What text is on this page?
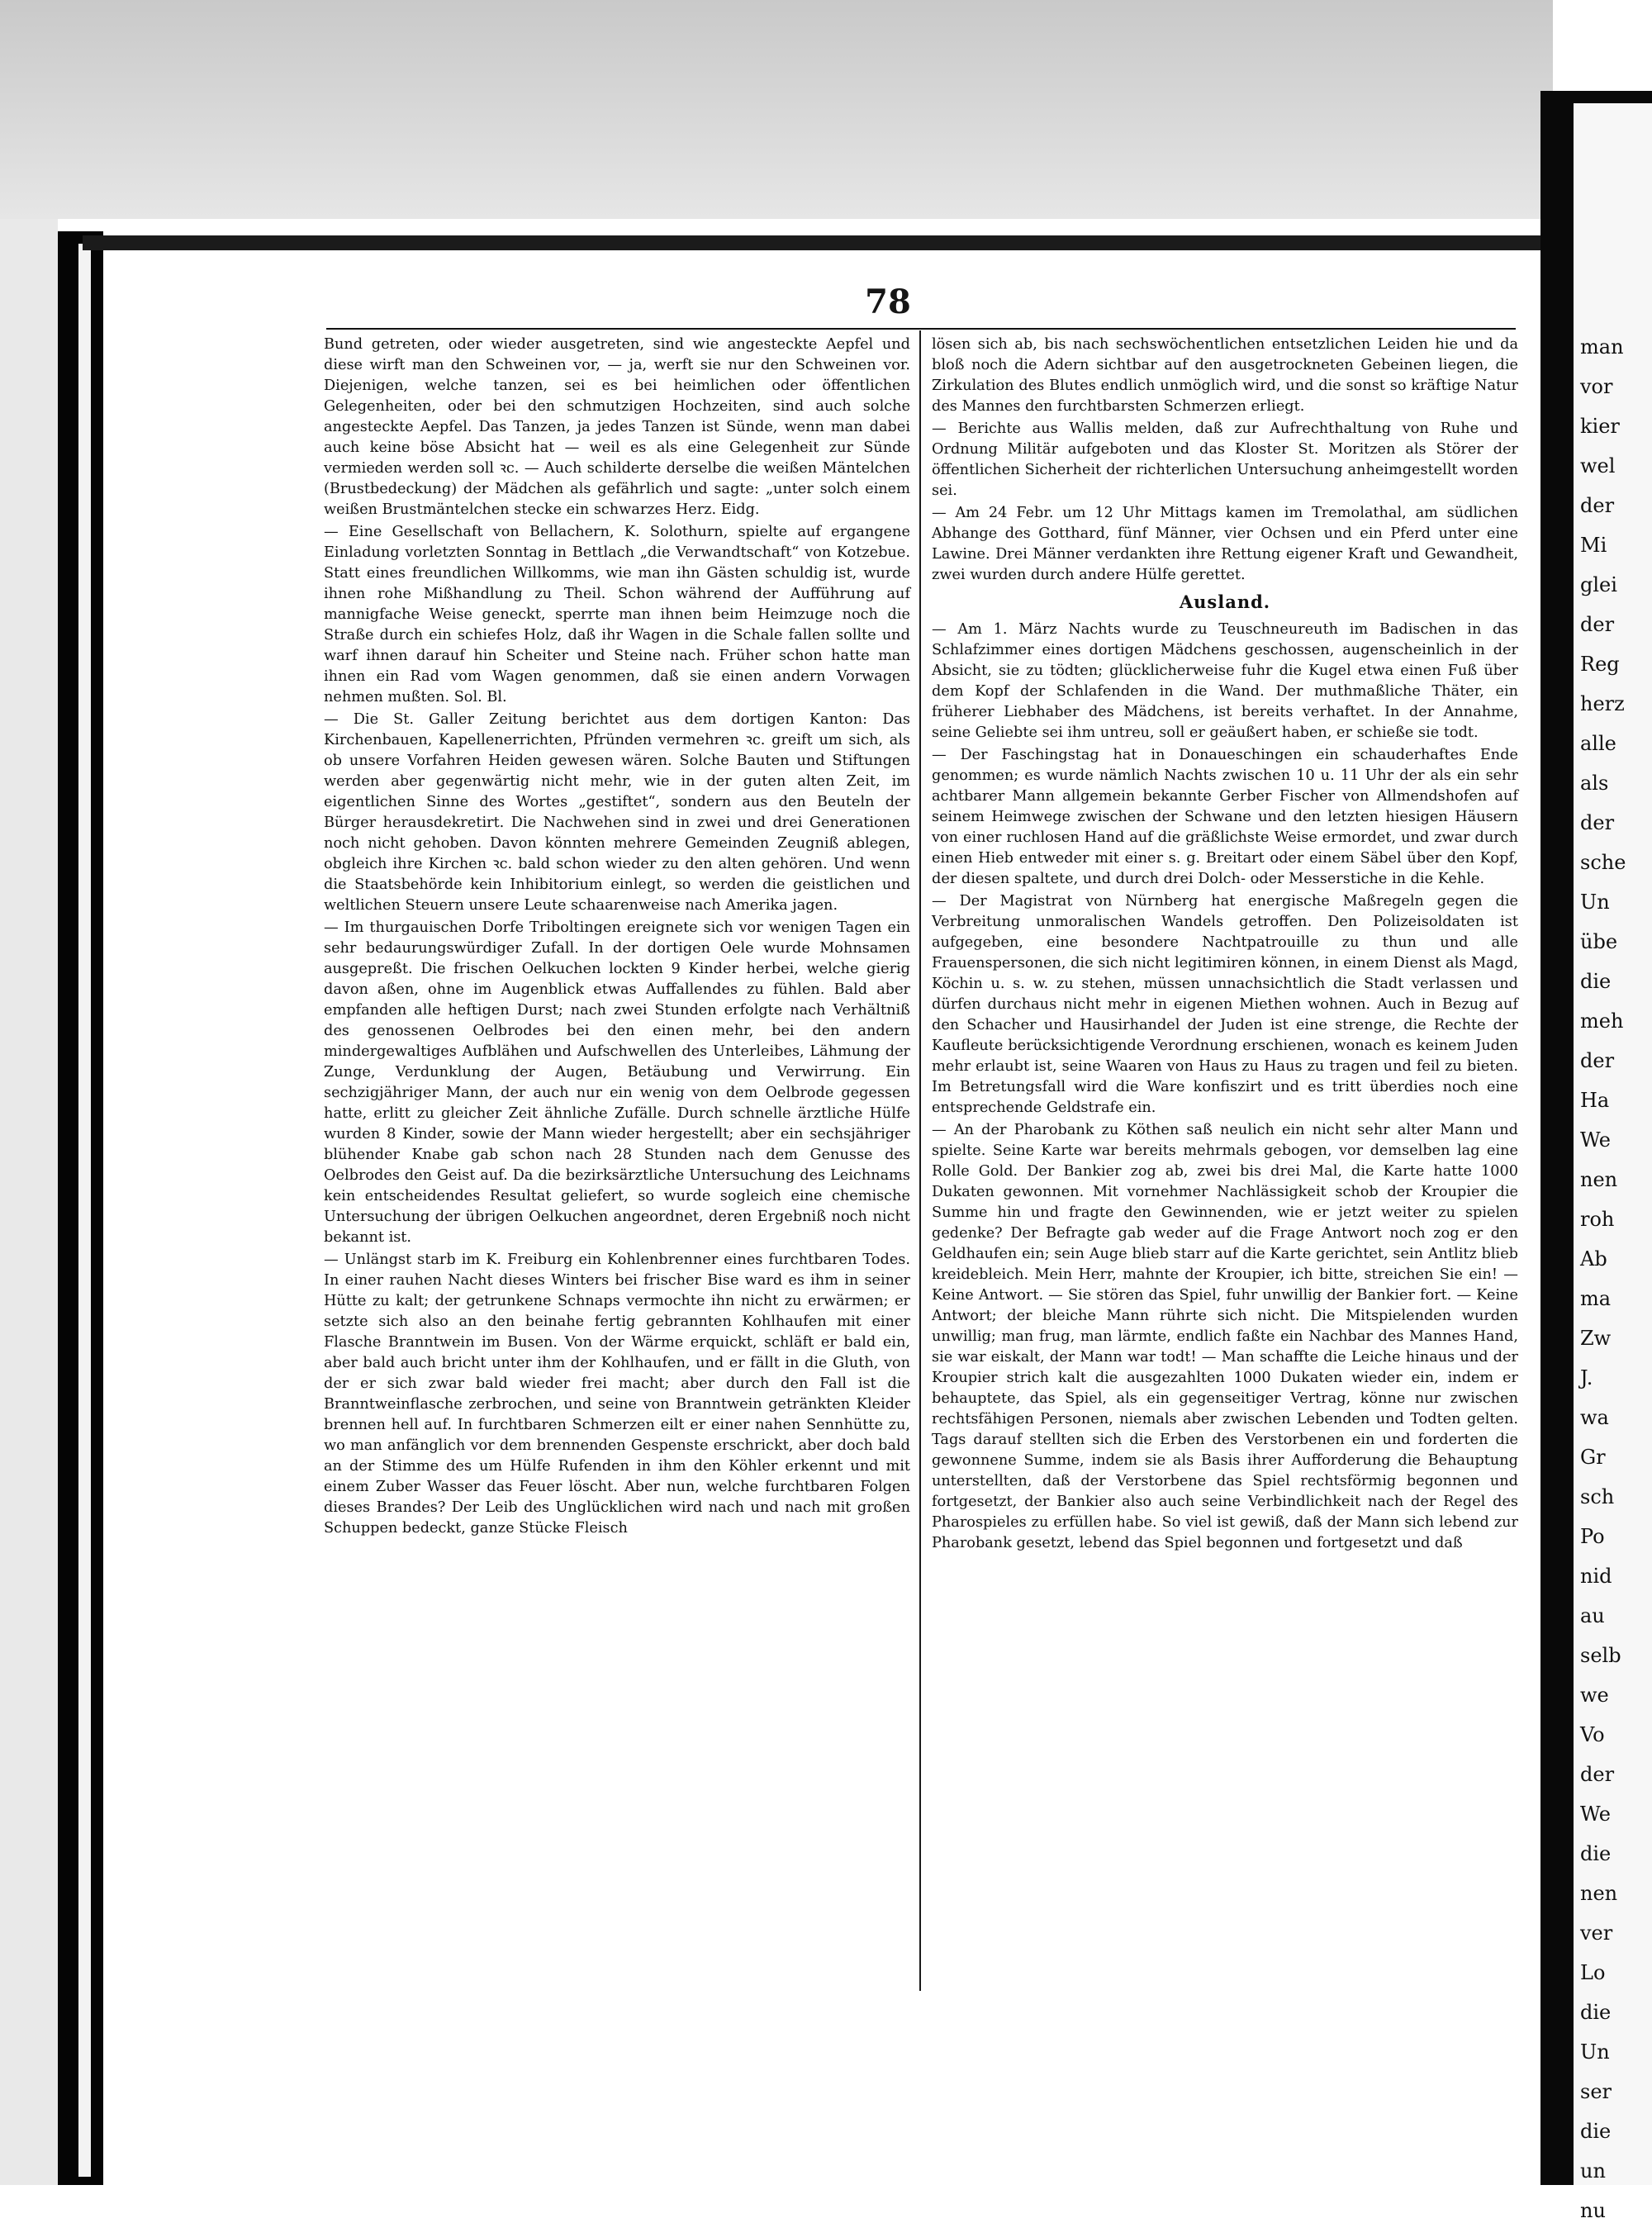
man
vor
kier
wel
der
Mi
glei
der
Reg
herz
alle
als
der
sche
Un
übe
die
meh
der
Ha
We
nen
roh
Ab
ma
Zw
J.
wa
Gr
sch
Po
nid
au
selb
we
Vo
der
We
die
nen
ver
Lo
die
Un
ser
die
un
nu
78

Bund getreten, oder wieder ausgetreten, sind wie angesteckte Aepfel und diese wirft man den Schweinen vor, — ja, werft sie nur den Schweinen vor. Diejenigen, welche tanzen, sei es bei heimlichen oder öffentlichen Gelegenheiten, oder bei den schmutzigen Hochzeiten, sind auch solche angesteckte Aepfel. Das Tanzen, ja jedes Tanzen ist Sünde, wenn man dabei auch keine böse Absicht hat — weil es als eine Gelegenheit zur Sünde vermieden werden soll ꝛc. — Auch schilderte derselbe die weißen Mäntelchen (Brustbedeckung) der Mädchen als gefährlich und sagte: „unter solch einem weißen Brustmäntelchen stecke ein schwarzes Herz. Eidg.

— Eine Gesellschaft von Bellachern, K. Solothurn, spielte auf ergangene Einladung vorletzten Sonntag in Bettlach „die Verwandtschaft“ von Kotzebue. Statt eines freundlichen Willkomms, wie man ihn Gästen schuldig ist, wurde ihnen rohe Mißhandlung zu Theil. Schon während der Aufführung auf mannigfache Weise geneckt, sperrte man ihnen beim Heimzuge noch die Straße durch ein schiefes Holz, daß ihr Wagen in die Schale fallen sollte und warf ihnen darauf hin Scheiter und Steine nach. Früher schon hatte man ihnen ein Rad vom Wagen genommen, daß sie einen andern Vorwagen nehmen mußten. Sol. Bl.

— Die St. Galler Zeitung berichtet aus dem dortigen Kanton: Das Kirchenbauen, Kapellenerrichten, Pfründen vermehren ꝛc. greift um sich, als ob unsere Vorfahren Heiden gewesen wären. Solche Bauten und Stiftungen werden aber gegenwärtig nicht mehr, wie in der guten alten Zeit, im eigentlichen Sinne des Wortes „gestiftet“, sondern aus den Beuteln der Bürger herausdekretirt. Die Nachwehen sind in zwei und drei Generationen noch nicht gehoben. Davon könnten mehrere Gemeinden Zeugniß ablegen, obgleich ihre Kirchen ꝛc. bald schon wieder zu den alten gehören. Und wenn die Staatsbehörde kein Inhibitorium einlegt, so werden die geistlichen und weltlichen Steuern unsere Leute schaarenweise nach Amerika jagen.

— Im thurgauischen Dorfe Triboltingen ereignete sich vor wenigen Tagen ein sehr bedaurungswürdiger Zufall. In der dortigen Oele wurde Mohnsamen ausgepreßt. Die frischen Oelkuchen lockten 9 Kinder herbei, welche gierig davon aßen, ohne im Augenblick etwas Auffallendes zu fühlen. Bald aber empfanden alle heftigen Durst; nach zwei Stunden erfolgte nach Verhältniß des genossenen Oelbrodes bei den einen mehr, bei den andern mindergewaltiges Aufblähen und Aufschwellen des Unterleibes, Lähmung der Zunge, Verdunklung der Augen, Betäubung und Verwirrung. Ein sechzigjähriger Mann, der auch nur ein wenig von dem Oelbrode gegessen hatte, erlitt zu gleicher Zeit ähnliche Zufälle. Durch schnelle ärztliche Hülfe wurden 8 Kinder, sowie der Mann wieder hergestellt; aber ein sechsjähriger blühender Knabe gab schon nach 28 Stunden nach dem Genusse des Oelbrodes den Geist auf. Da die bezirksärztliche Untersuchung des Leichnams kein entscheidendes Resultat geliefert, so wurde sogleich eine chemische Untersuchung der übrigen Oelkuchen angeordnet, deren Ergebniß noch nicht bekannt ist.

— Unlängst starb im K. Freiburg ein Kohlenbrenner eines furchtbaren Todes. In einer rauhen Nacht dieses Winters bei frischer Bise ward es ihm in seiner Hütte zu kalt; der getrunkene Schnaps vermochte ihn nicht zu erwärmen; er setzte sich also an den beinahe fertig gebrannten Kohlhaufen mit einer Flasche Branntwein im Busen. Von der Wärme erquickt, schläft er bald ein, aber bald auch bricht unter ihm der Kohlhaufen, und er fällt in die Gluth, von der er sich zwar bald wieder frei macht; aber durch den Fall ist die Branntweinflasche zerbrochen, und seine von Branntwein getränkten Kleider brennen hell auf. In furchtbaren Schmerzen eilt er einer nahen Sennhütte zu, wo man anfänglich vor dem brennenden Gespenste erschrickt, aber doch bald an der Stimme des um Hülfe Rufenden in ihm den Köhler erkennt und mit einem Zuber Wasser das Feuer löscht. Aber nun, welche furchtbaren Folgen dieses Brandes? Der Leib des Unglücklichen wird nach und nach mit großen Schuppen bedeckt, ganze Stücke Fleisch

lösen sich ab, bis nach sechswöchentlichen entsetzlichen Leiden hie und da bloß noch die Adern sichtbar auf den ausgetrockneten Gebeinen liegen, die Zirkulation des Blutes endlich unmöglich wird, und die sonst so kräftige Natur des Mannes den furchtbarsten Schmerzen erliegt.

— Berichte aus Wallis melden, daß zur Aufrechthaltung von Ruhe und Ordnung Militär aufgeboten und das Kloster St. Moritzen als Störer der öffentlichen Sicherheit der richterlichen Untersuchung anheimgestellt worden sei.

— Am 24 Febr. um 12 Uhr Mittags kamen im Tremolathal, am südlichen Abhange des Gotthard, fünf Männer, vier Ochsen und ein Pferd unter eine Lawine. Drei Männer verdankten ihre Rettung eigener Kraft und Gewandheit, zwei wurden durch andere Hülfe gerettet.

Ausland.

— Am 1. März Nachts wurde zu Teuschneureuth im Badischen in das Schlafzimmer eines dortigen Mädchens geschossen, augenscheinlich in der Absicht, sie zu tödten; glücklicherweise fuhr die Kugel etwa einen Fuß über dem Kopf der Schlafenden in die Wand. Der muthmaßliche Thäter, ein früherer Liebhaber des Mädchens, ist bereits verhaftet. In der Annahme, seine Geliebte sei ihm untreu, soll er geäußert haben, er schieße sie todt.

— Der Faschingstag hat in Donaueschingen ein schauderhaftes Ende genommen; es wurde nämlich Nachts zwischen 10 u. 11 Uhr der als ein sehr achtbarer Mann allgemein bekannte Gerber Fischer von Allmendshofen auf seinem Heimwege zwischen der Schwane und den letzten hiesigen Häusern von einer ruchlosen Hand auf die gräßlichste Weise ermordet, und zwar durch einen Hieb entweder mit einer s. g. Breitart oder einem Säbel über den Kopf, der diesen spaltete, und durch drei Dolch- oder Messerstiche in die Kehle.

— Der Magistrat von Nürnberg hat energische Maßregeln gegen die Verbreitung unmoralischen Wandels getroffen. Den Polizeisoldaten ist aufgegeben, eine besondere Nachtpatrouille zu thun und alle Frauenspersonen, die sich nicht legitimiren können, in einem Dienst als Magd, Köchin u. s. w. zu stehen, müssen unnachsichtlich die Stadt verlassen und dürfen durchaus nicht mehr in eigenen Miethen wohnen. Auch in Bezug auf den Schacher und Hausirhandel der Juden ist eine strenge, die Rechte der Kaufleute berücksichtigende Verordnung erschienen, wonach es keinem Juden mehr erlaubt ist, seine Waaren von Haus zu Haus zu tragen und feil zu bieten. Im Betretungsfall wird die Ware konfiszirt und es tritt überdies noch eine entsprechende Geldstrafe ein.

— An der Pharobank zu Köthen saß neulich ein nicht sehr alter Mann und spielte. Seine Karte war bereits mehrmals gebogen, vor demselben lag eine Rolle Gold. Der Bankier zog ab, zwei bis drei Mal, die Karte hatte 1000 Dukaten gewonnen. Mit vornehmer Nachlässigkeit schob der Kroupier die Summe hin und fragte den Gewinnenden, wie er jetzt weiter zu spielen gedenke? Der Befragte gab weder auf die Frage Antwort noch zog er den Geldhaufen ein; sein Auge blieb starr auf die Karte gerichtet, sein Antlitz blieb kreidebleich. Mein Herr, mahnte der Kroupier, ich bitte, streichen Sie ein! — Keine Antwort. — Sie stören das Spiel, fuhr unwillig der Bankier fort. — Keine Antwort; der bleiche Mann rührte sich nicht. Die Mitspielenden wurden unwillig; man frug, man lärmte, endlich faßte ein Nachbar des Mannes Hand, sie war eiskalt, der Mann war todt! — Man schaffte die Leiche hinaus und der Kroupier strich kalt die ausgezahlten 1000 Dukaten wieder ein, indem er behauptete, das Spiel, als ein gegenseitiger Vertrag, könne nur zwischen rechtsfähigen Personen, niemals aber zwischen Lebenden und Todten gelten. Tags darauf stellten sich die Erben des Verstorbenen ein und forderten die gewonnene Summe, indem sie als Basis ihrer Aufforderung die Behauptung unterstellten, daß der Verstorbene das Spiel rechtsförmig begonnen und fortgesetzt, der Bankier also auch seine Verbindlichkeit nach der Regel des Pharospieles zu erfüllen habe. So viel ist gewiß, daß der Mann sich lebend zur Pharobank gesetzt, lebend das Spiel begonnen und fortgesetzt und daß
